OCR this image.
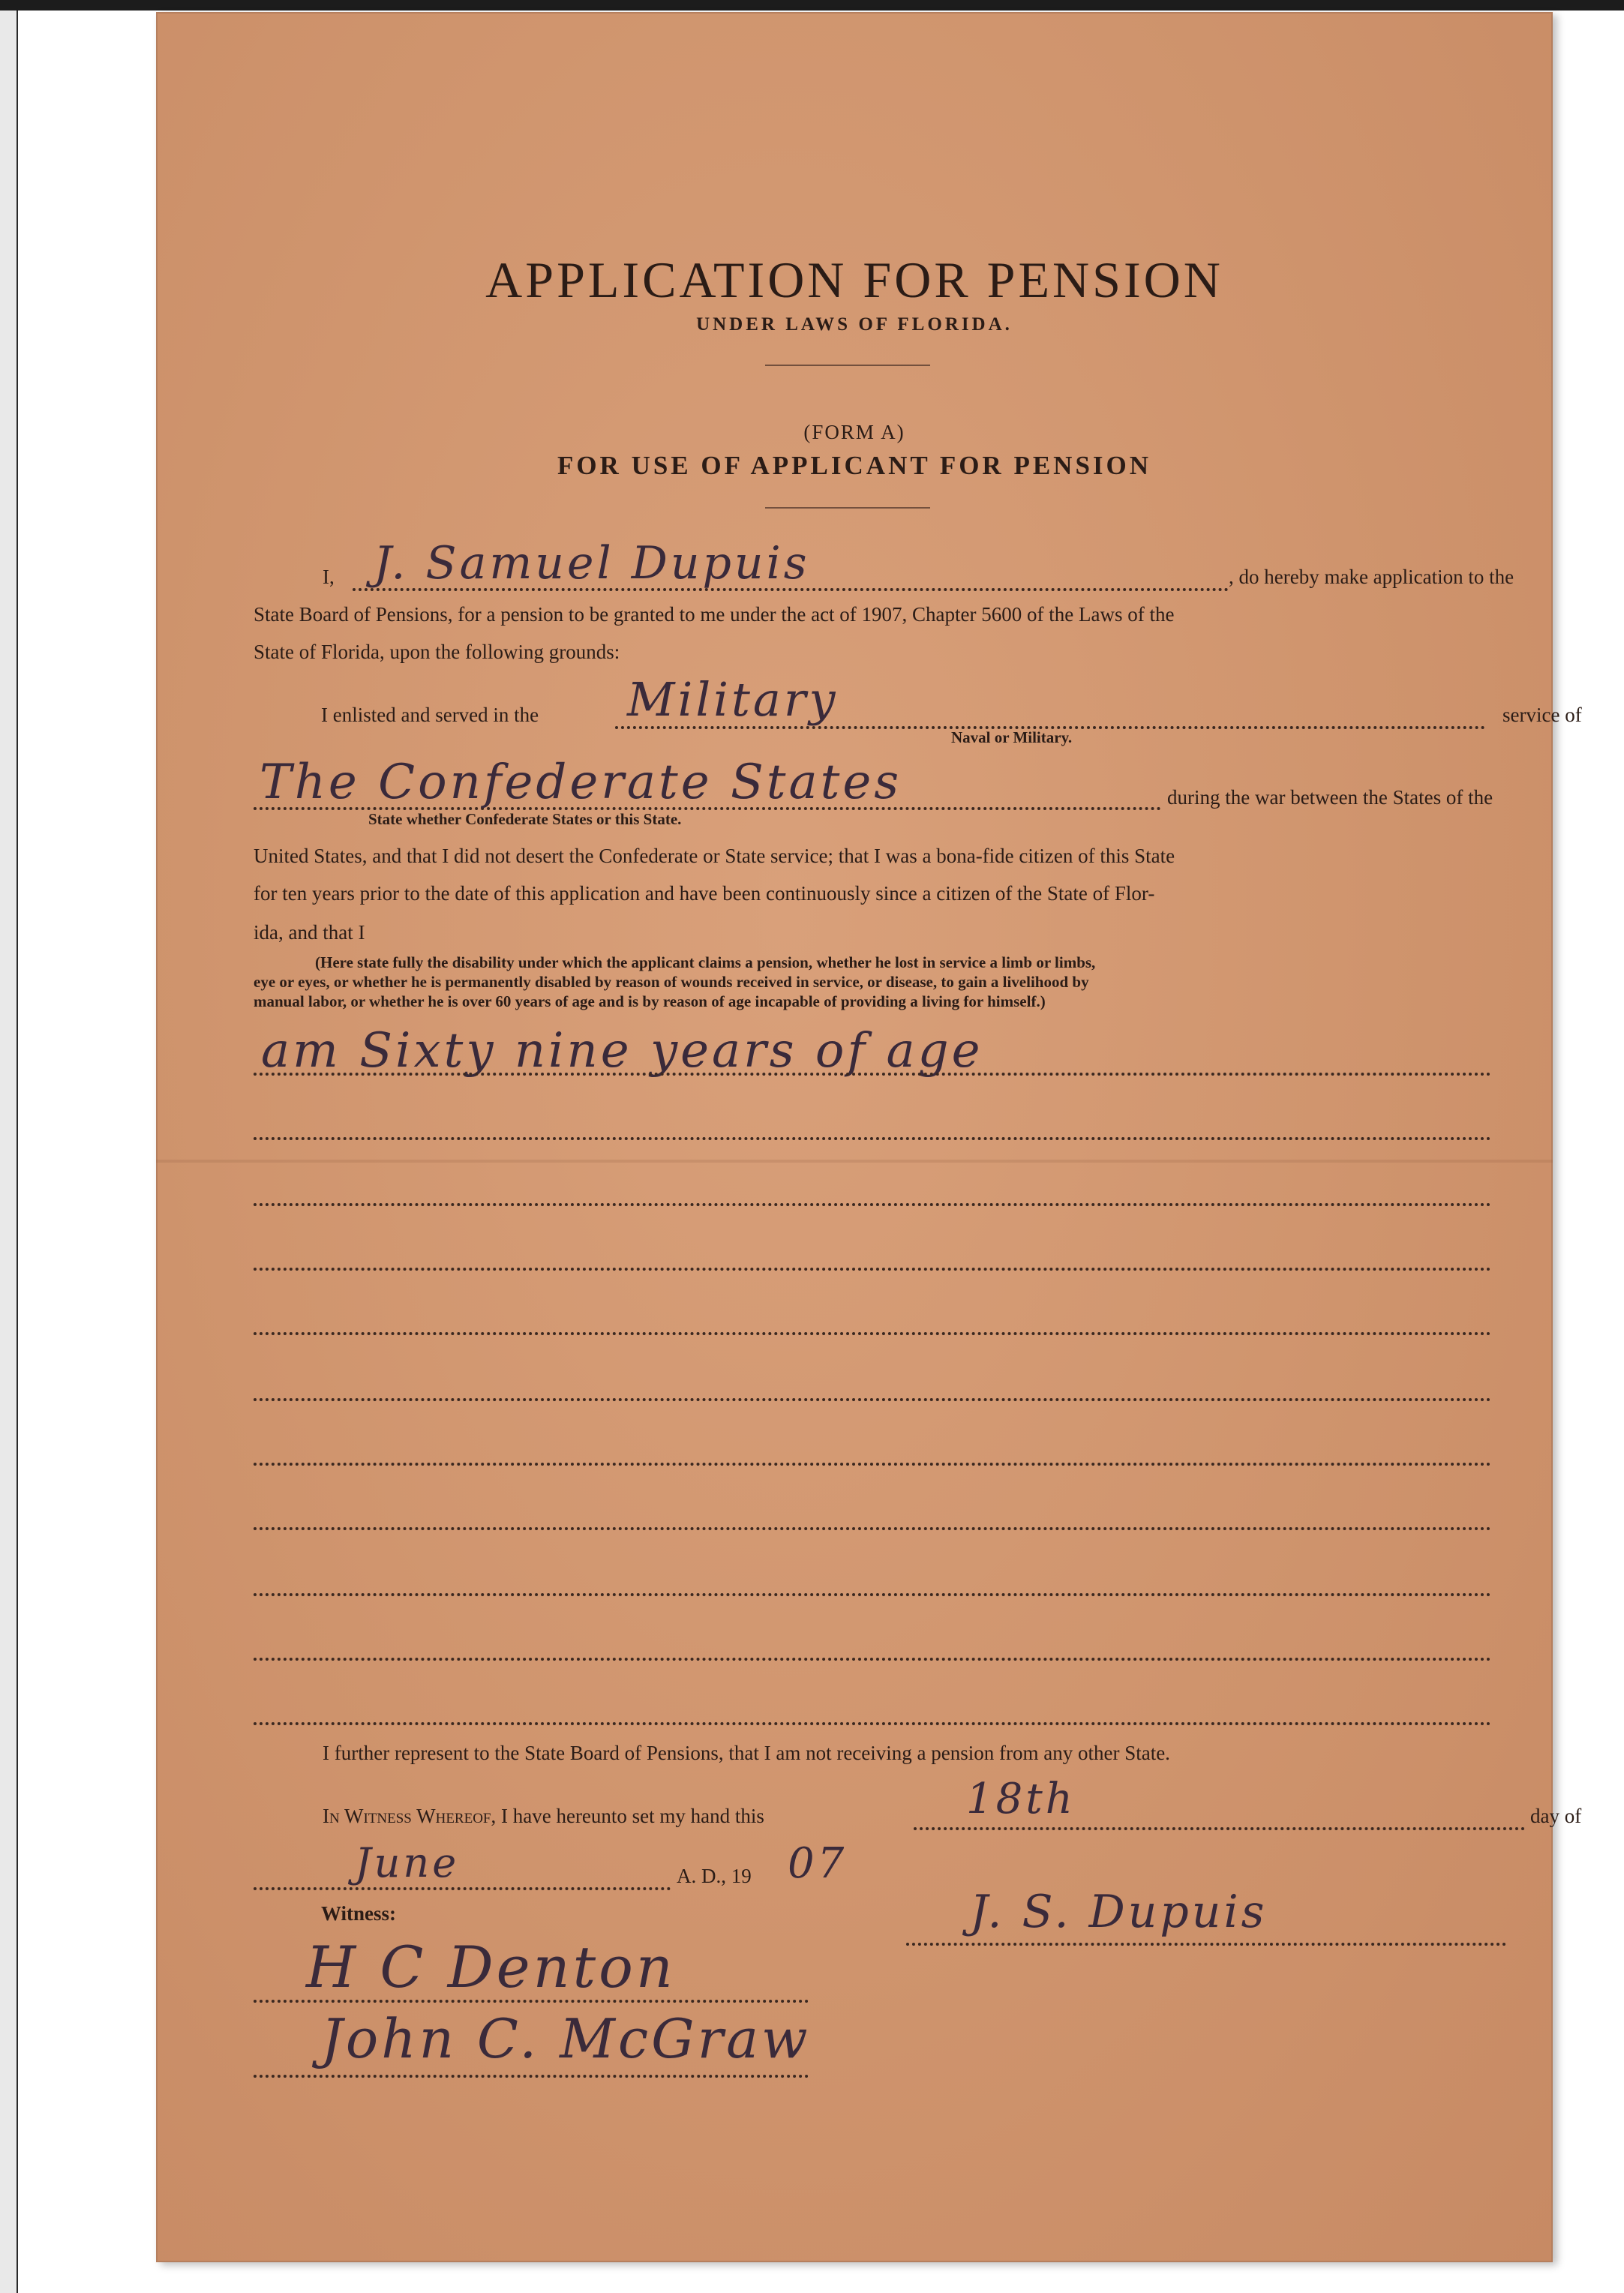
APPLICATION FOR PENSION
UNDER LAWS OF FLORIDA.
(FORM A)
FOR USE OF APPLICANT FOR PENSION
I, J. Samuel Dupuis	, do hereby make application to the
State Board of Pensions, for a pension to be granted to me under the act of 1907, Chapter 5600 of the Laws of the
State of Florida, upon the following grounds:
I enlisted and served in the Military	service of
Naval or Military.
The Confederate States	during the war between the States of the
State whether Confederate States or this State.
United States, and that I did not desert the Confederate or State service; that I was a bona-fide citizen of this State
for ten years prior to the date of this application and have been continuously since a citizen of the State of Flor-
ida, and that I
(Here state fully the disability under which the applicant claims a pension, whether he lost in service a limb or limbs,
eye or eyes, or whether he is permanently disabled by reason of wounds received in service, or disease, to gain a livelihood by
manual labor, or whether he is over 60 years of age and is by reason of age incapable of providing a living for himself.)
am Sixty nine years of age
I further represent to the State Board of Pensions, that I am not receiving a pension from any other State.
In Witness Whereof, I have hereunto set my hand this	18th	day of
June	A. D., 19 07
Witness:	J. S. Dupuis
H C Denton
John C. McGraw
